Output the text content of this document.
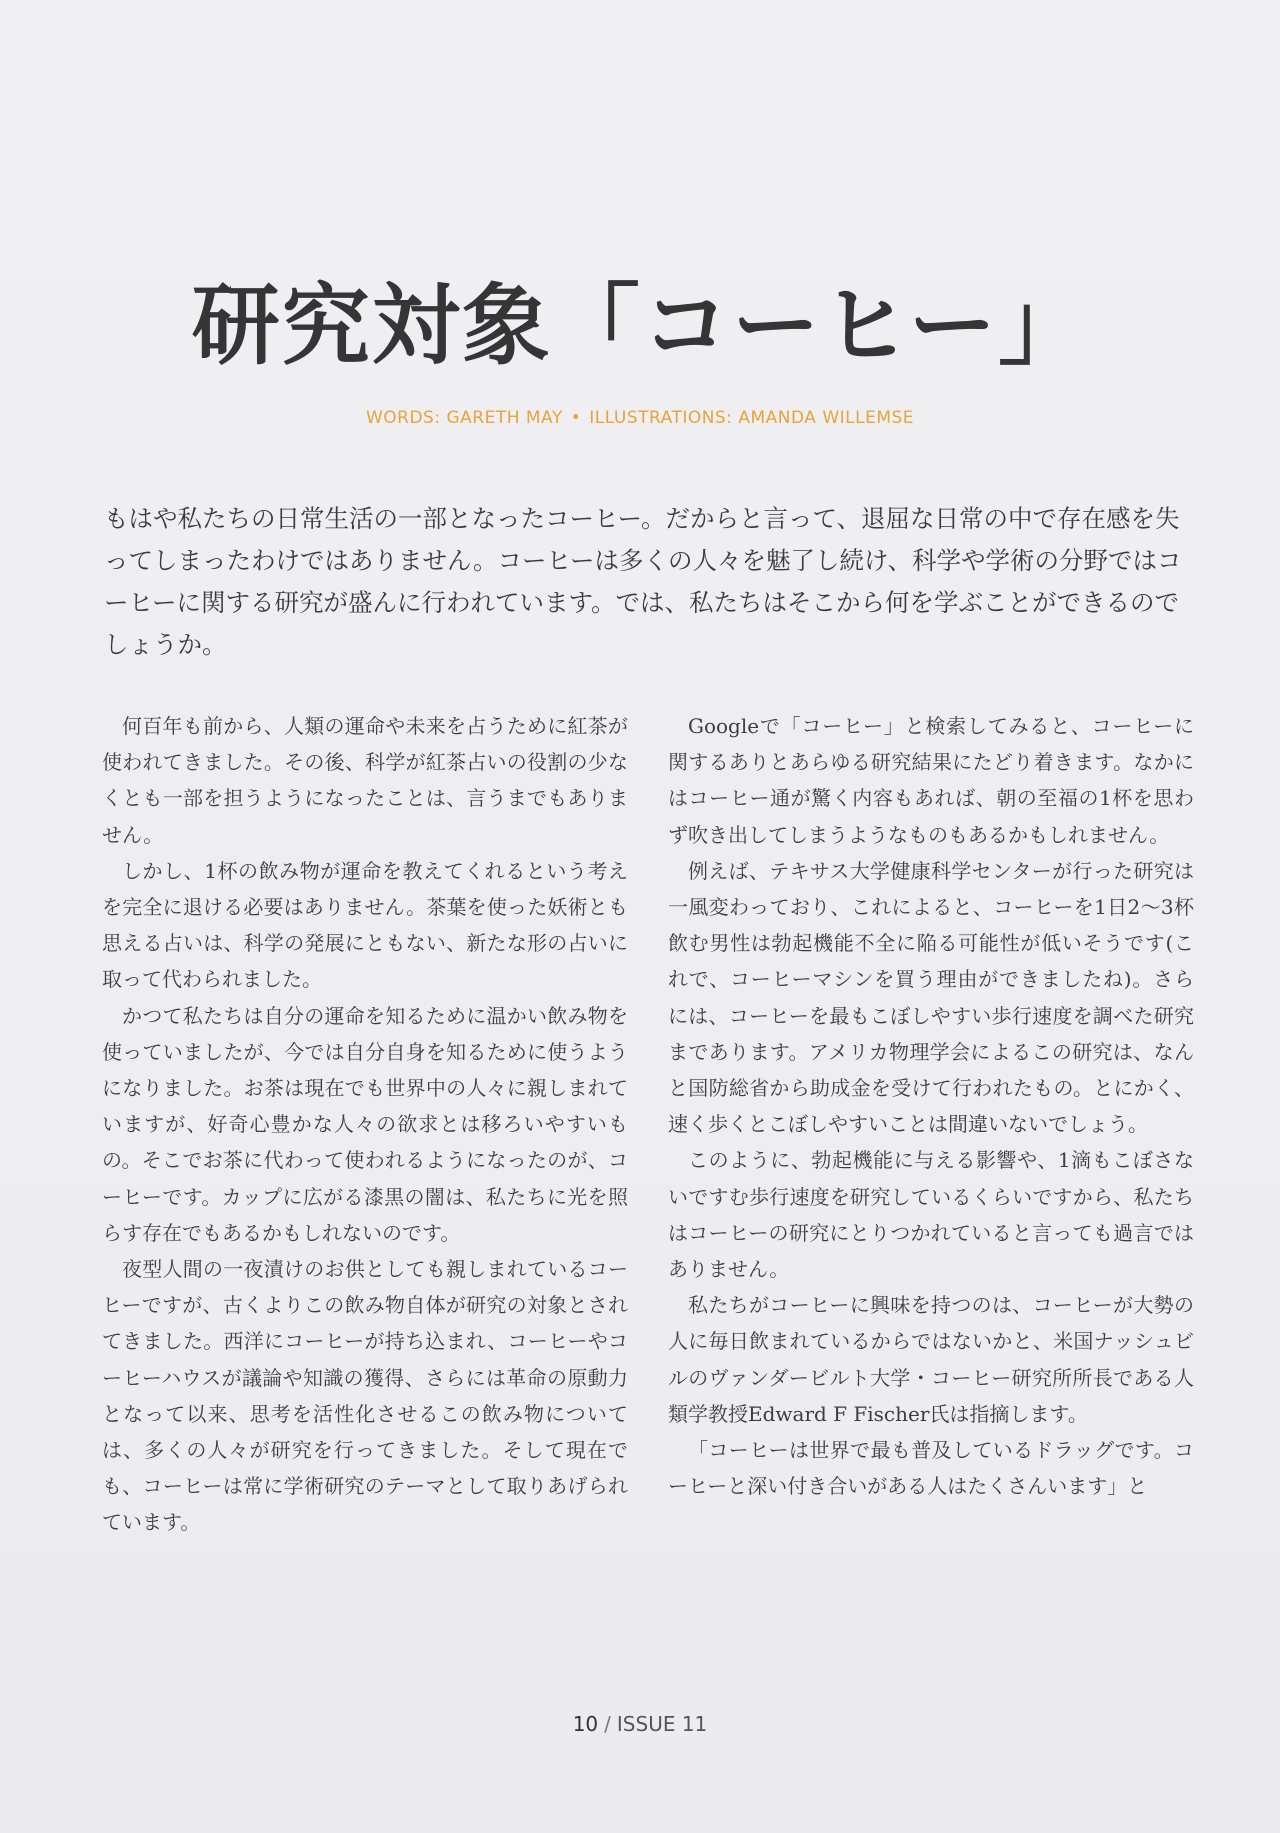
研究対象「コーヒー」
WORDS: GARETH MAY • ILLUSTRATIONS: AMANDA WILLEMSE
もはや私たちの日常生活の一部となったコーヒー。だからと言って、退屈な日常の中で存在感を失ってしまったわけではありません。コーヒーは多くの人々を魅了し続け、科学や学術の分野ではコーヒーに関する研究が盛んに行われています。では、私たちはそこから何を学ぶことができるのでしょうか。

何百年も前から、人類の運命や未来を占うために紅茶が使われてきました。その後、科学が紅茶占いの役割の少なくとも一部を担うようになったことは、言うまでもありません。

しかし、1杯の飲み物が運命を教えてくれるという考えを完全に退ける必要はありません。茶葉を使った妖術とも思える占いは、科学の発展にともない、新たな形の占いに取って代わられました。

かつて私たちは自分の運命を知るために温かい飲み物を使っていましたが、今では自分自身を知るために使うようになりました。お茶は現在でも世界中の人々に親しまれていますが、好奇心豊かな人々の欲求とは移ろいやすいもの。そこでお茶に代わって使われるようになったのが、コーヒーです。カップに広がる漆黒の闇は、私たちに光を照らす存在でもあるかもしれないのです。

夜型人間の一夜漬けのお供としても親しまれているコーヒーですが、古くよりこの飲み物自体が研究の対象とされてきました。西洋にコーヒーが持ち込まれ、コーヒーやコーヒーハウスが議論や知識の獲得、さらには革命の原動力となって以来、思考を活性化させるこの飲み物については、多くの人々が研究を行ってきました。そして現在でも、コーヒーは常に学術研究のテーマとして取りあげられています。

Googleで「コーヒー」と検索してみると、コーヒーに関するありとあらゆる研究結果にたどり着きます。なかにはコーヒー通が驚く内容もあれば、朝の至福の1杯を思わず吹き出してしまうようなものもあるかもしれません。

例えば、テキサス大学健康科学センターが行った研究は一風変わっており、これによると、コーヒーを1日2〜3杯飲む男性は勃起機能不全に陥る可能性が低いそうです(これで、コーヒーマシンを買う理由ができましたね)。さらには、コーヒーを最もこぼしやすい歩行速度を調べた研究まであります。アメリカ物理学会によるこの研究は、なんと国防総省から助成金を受けて行われたもの。とにかく、速く歩くとこぼしやすいことは間違いないでしょう。

このように、勃起機能に与える影響や、1滴もこぼさないですむ歩行速度を研究しているくらいですから、私たちはコーヒーの研究にとりつかれていると言っても過言ではありません。

私たちがコーヒーに興味を持つのは、コーヒーが大勢の人に毎日飲まれているからではないかと、米国ナッシュビルのヴァンダービルト大学・コーヒー研究所所長である人類学教授Edward F Fischer氏は指摘します。

「コーヒーは世界で最も普及しているドラッグです。コーヒーと深い付き合いがある人はたくさんいます」と

10 / ISSUE 11
